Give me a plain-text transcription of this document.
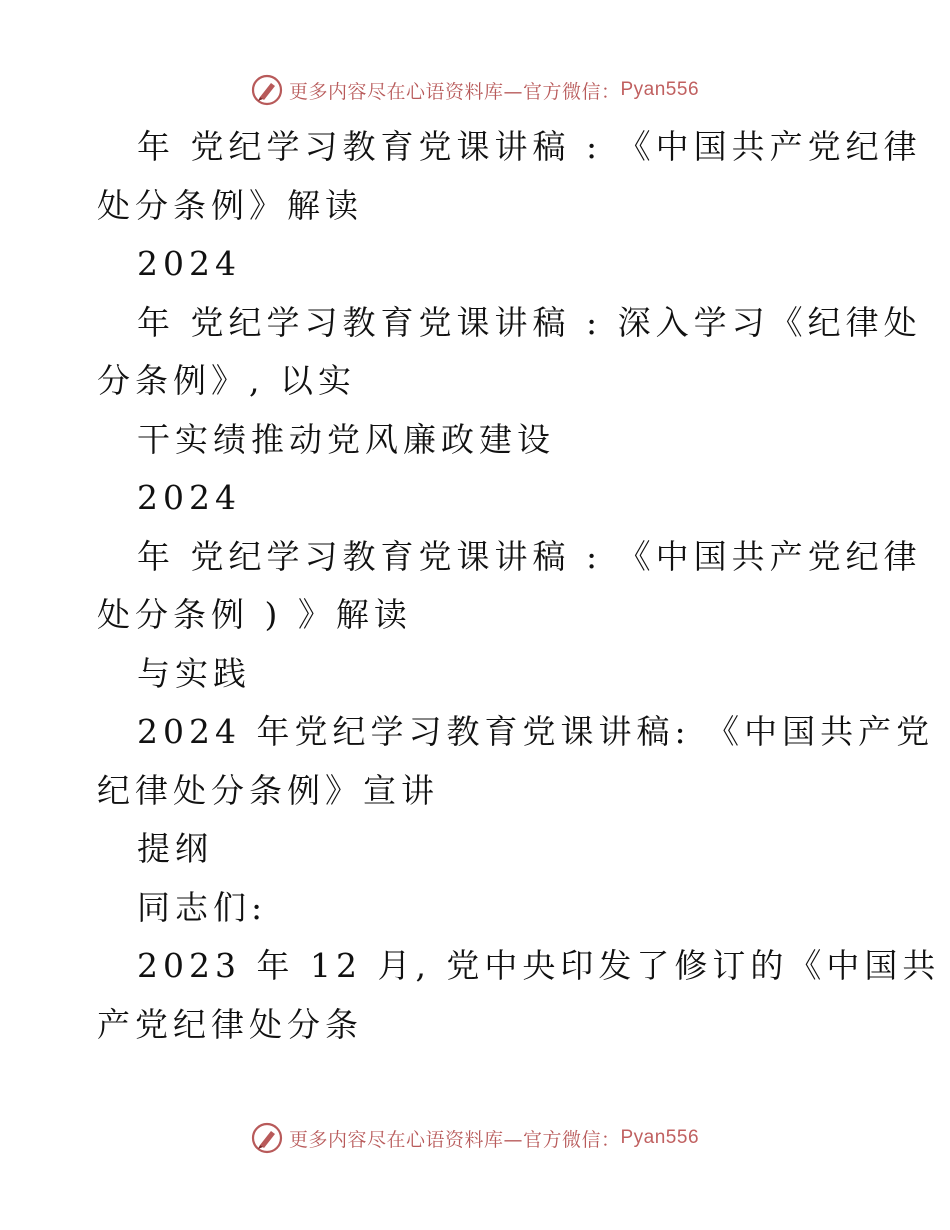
更多内容尽在心语资料库—官方微信： Pyan556

年 党纪学习教育党课讲稿 : 《中国共产党纪律

处分条例》解读

2024

年 党纪学习教育党课讲稿 : 深入学习《纪律处

分条例》, 以实

干实绩推动党风廉政建设

2024

年 党纪学习教育党课讲稿 : 《中国共产党纪律

处分条例 ) 》解读

与实践

2024 年党纪学习教育党课讲稿: 《中国共产党

纪律处分条例》宣讲

提纲

同志们:

2023 年 12 月, 党中央印发了修订的《中国共

产党纪律处分条

更多内容尽在心语资料库—官方微信： Pyan556
